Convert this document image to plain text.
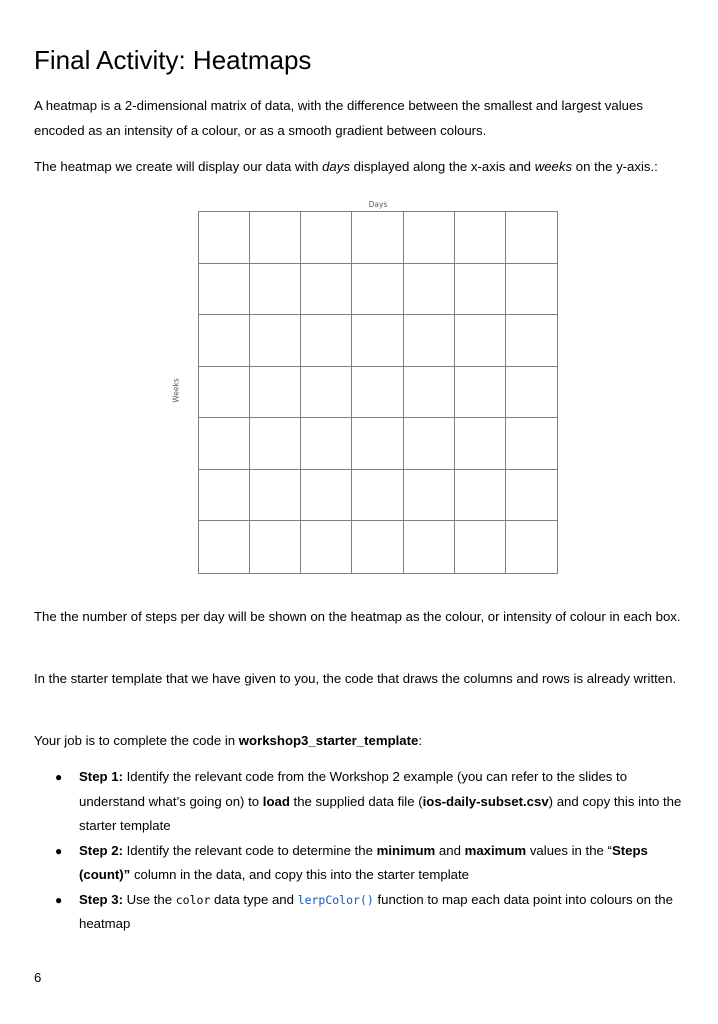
Final Activity: Heatmaps

A heatmap is a 2-dimensional matrix of data, with the difference between the smallest and largest values encoded as an intensity of a colour, or as a smooth gradient between colours.

The heatmap we create will display our data with days displayed along the x-axis and weeks on the y-axis.:

Days
Weeks

The the number of steps per day will be shown on the heatmap as the colour, or intensity of colour in each box.

In the starter template that we have given to you, the code that draws the columns and rows is already written.

Your job is to complete the code in workshop3_starter_template:

● Step 1: Identify the relevant code from the Workshop 2 example (you can refer to the slides to understand what’s going on) to load the supplied data file (ios-daily-subset.csv) and copy this into the starter template
● Step 2: Identify the relevant code to determine the minimum and maximum values in the “Steps (count)” column in the data, and copy this into the starter template
● Step 3: Use the color data type and lerpColor() function to map each data point into colours on the heatmap
6
